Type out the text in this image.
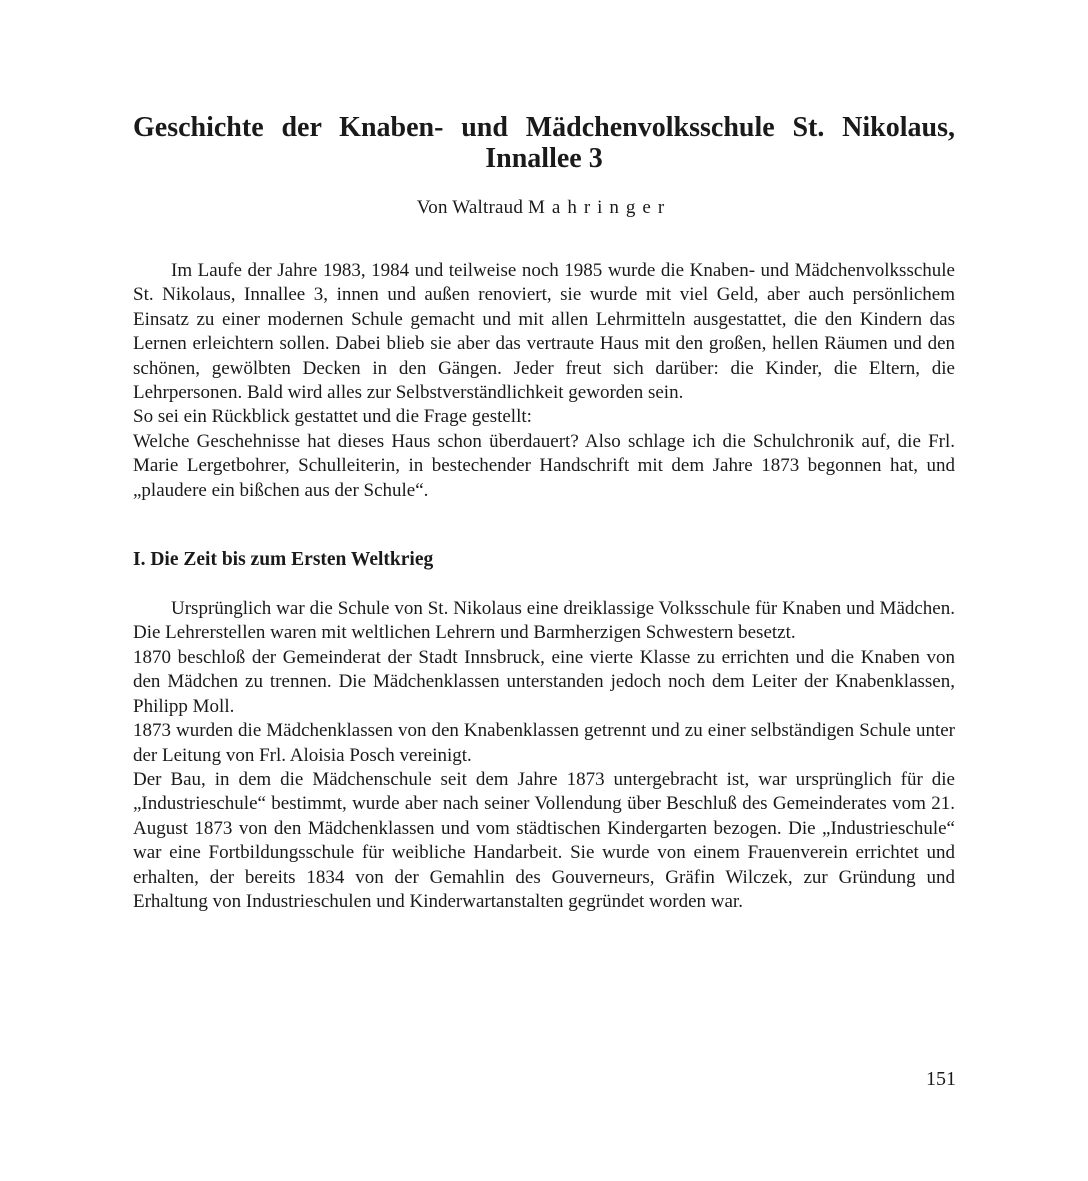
Geschichte der Knaben- und Mädchenvolksschule St. Nikolaus,
Innallee 3
Von Waltraud Mahringer

Im Laufe der Jahre 1983, 1984 und teilweise noch 1985 wurde die Knaben- und Mädchenvolksschule St. Nikolaus, Innallee 3, innen und außen renoviert, sie wurde mit viel Geld, aber auch persönlichem Einsatz zu einer modernen Schule gemacht und mit allen Lehrmitteln ausgestattet, die den Kindern das Lernen erleichtern sollen. Dabei blieb sie aber das vertraute Haus mit den großen, hellen Räumen und den schönen, gewölbten Decken in den Gängen. Jeder freut sich darüber: die Kinder, die Eltern, die Lehrpersonen. Bald wird alles zur Selbstverständlichkeit geworden sein.

So sei ein Rückblick gestattet und die Frage gestellt:

Welche Geschehnisse hat dieses Haus schon überdauert? Also schlage ich die Schulchronik auf, die Frl. Marie Lergetbohrer, Schulleiterin, in bestechender Handschrift mit dem Jahre 1873 begonnen hat, und „plaudere ein bißchen aus der Schule“.

I. Die Zeit bis zum Ersten Weltkrieg

Ursprünglich war die Schule von St. Nikolaus eine dreiklassige Volksschule für Knaben und Mädchen. Die Lehrerstellen waren mit weltlichen Lehrern und Barmherzigen Schwestern besetzt.

1870 beschloß der Gemeinderat der Stadt Innsbruck, eine vierte Klasse zu errichten und die Knaben von den Mädchen zu trennen. Die Mädchenklassen unterstanden jedoch noch dem Leiter der Knabenklassen, Philipp Moll.

1873 wurden die Mädchenklassen von den Knabenklassen getrennt und zu einer selbständigen Schule unter der Leitung von Frl. Aloisia Posch vereinigt.

Der Bau, in dem die Mädchenschule seit dem Jahre 1873 untergebracht ist, war ursprünglich für die „Industrieschule“ bestimmt, wurde aber nach seiner Vollendung über Beschluß des Gemeinderates vom 21. August 1873 von den Mädchenklassen und vom städtischen Kindergarten bezogen. Die „Industrieschule“ war eine Fortbildungsschule für weibliche Handarbeit. Sie wurde von einem Frauenverein errichtet und erhalten, der bereits 1834 von der Gemahlin des Gouverneurs, Gräfin Wilczek, zur Gründung und Erhaltung von Industrieschulen und Kinderwartanstalten gegründet worden war.

151
